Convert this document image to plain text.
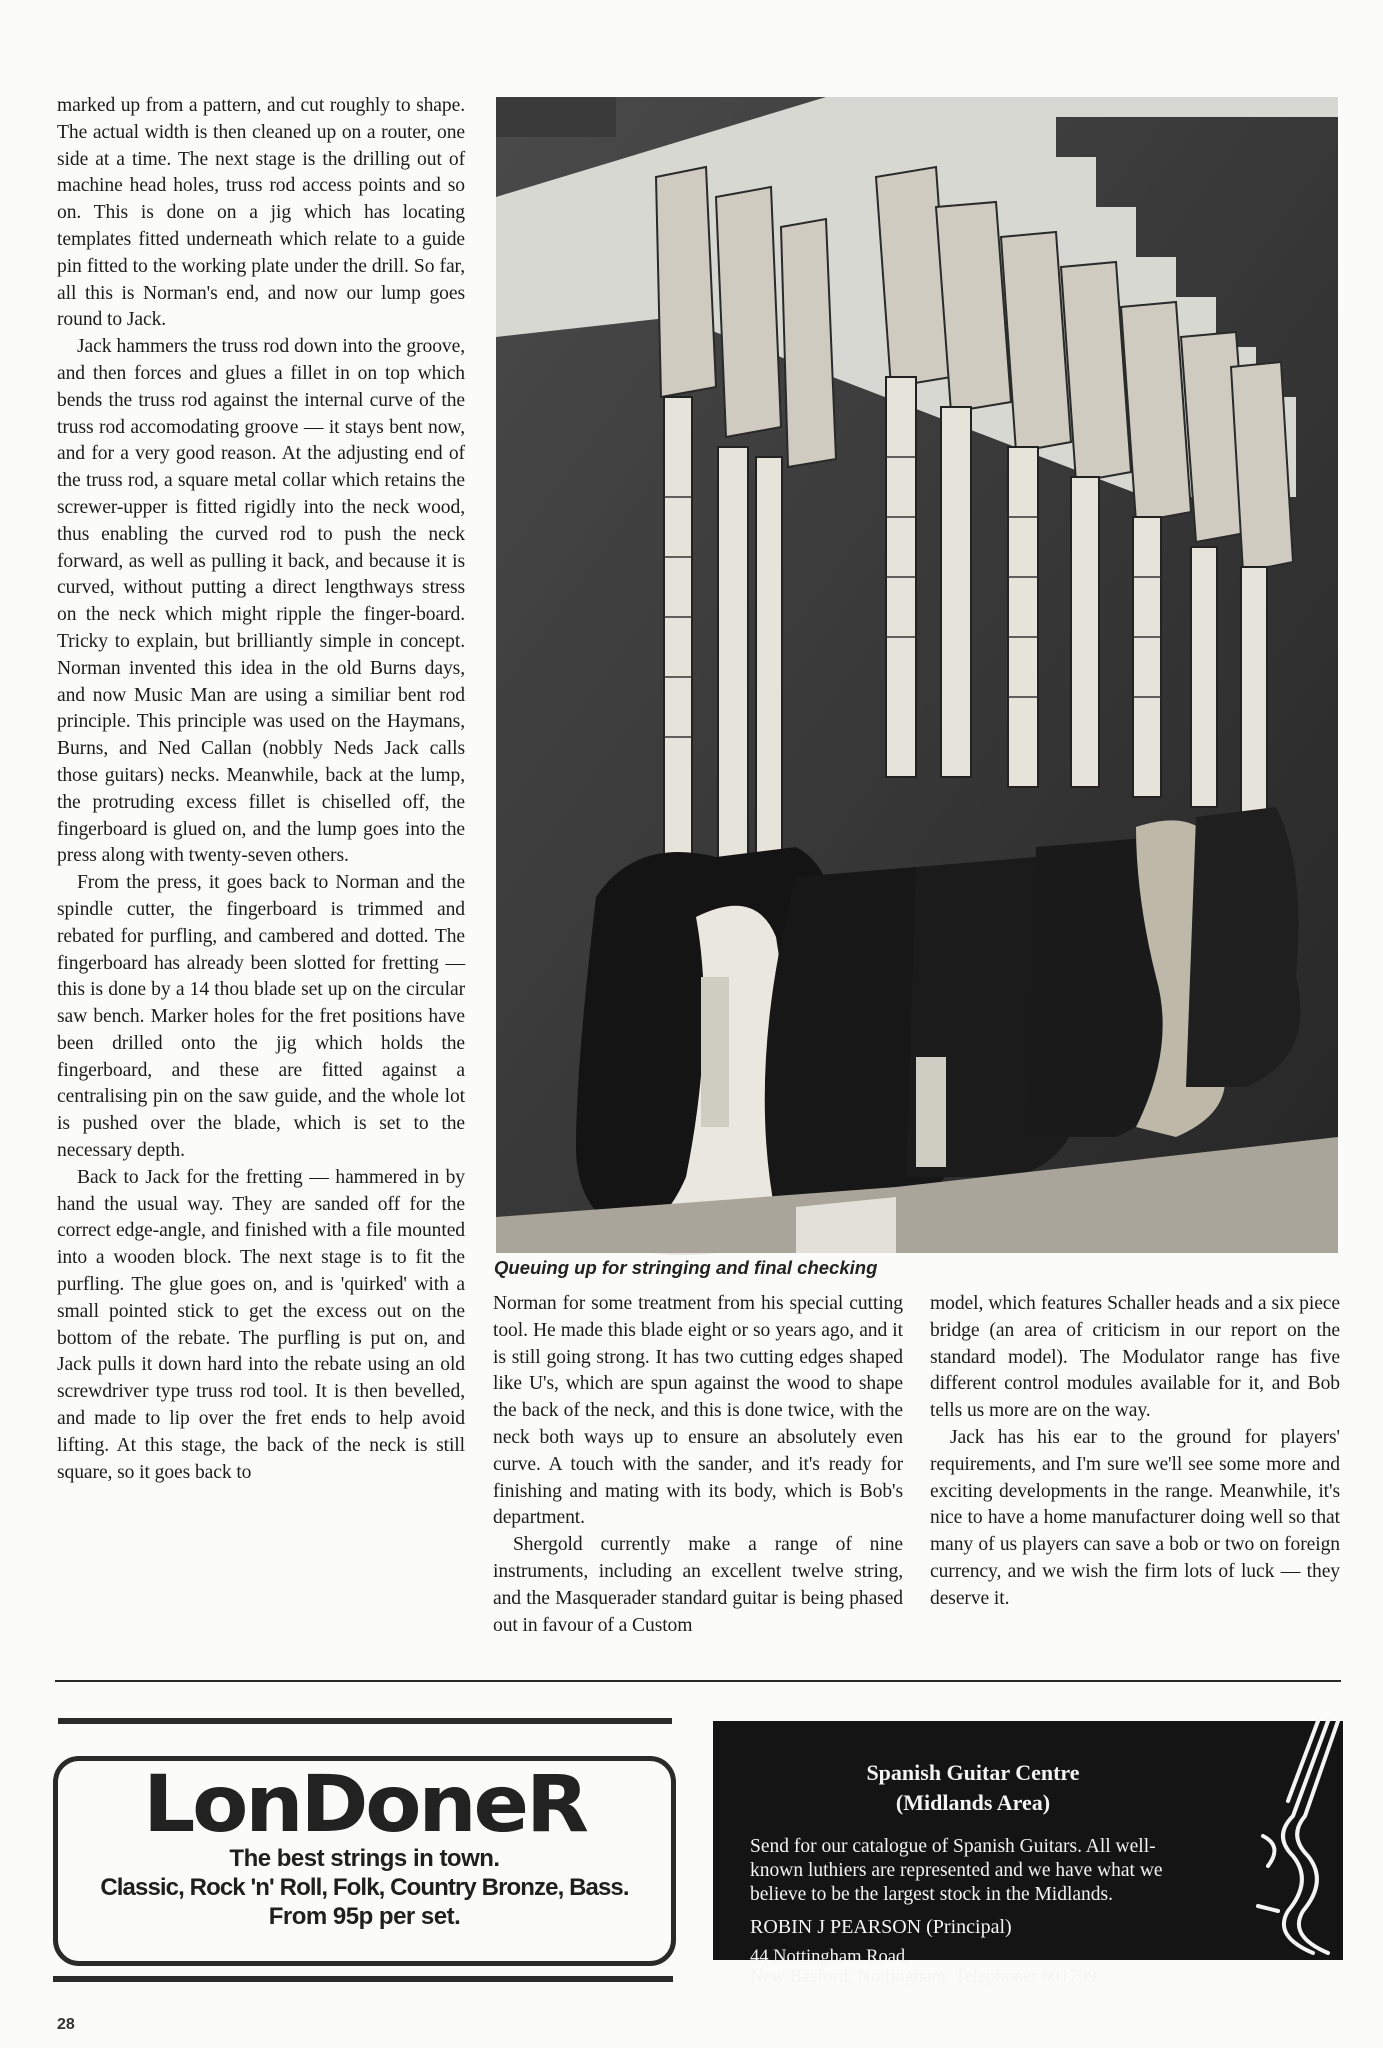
marked up from a pattern, and cut roughly to shape. The actual width is then cleaned up on a router, one side at a time. The next stage is the drilling out of machine head holes, truss rod access points and so on. This is done on a jig which has locating templates fitted underneath which relate to a guide pin fitted to the working plate under the drill. So far, all this is Norman's end, and now our lump goes round to Jack.

Jack hammers the truss rod down into the groove, and then forces and glues a fillet in on top which bends the truss rod against the internal curve of the truss rod accomodating groove — it stays bent now, and for a very good reason. At the adjusting end of the truss rod, a square metal collar which retains the screwer-upper is fitted rigidly into the neck wood, thus enabling the curved rod to push the neck forward, as well as pulling it back, and because it is curved, without putting a direct lengthways stress on the neck which might ripple the finger-board. Tricky to explain, but brilliantly simple in concept. Norman invented this idea in the old Burns days, and now Music Man are using a similiar bent rod principle. This principle was used on the Haymans, Burns, and Ned Callan (nobbly Neds Jack calls those guitars) necks. Meanwhile, back at the lump, the protruding excess fillet is chiselled off, the fingerboard is glued on, and the lump goes into the press along with twenty-seven others.

From the press, it goes back to Norman and the spindle cutter, the fingerboard is trimmed and rebated for purfling, and cambered and dotted. The fingerboard has already been slotted for fretting — this is done by a 14 thou blade set up on the circular saw bench. Marker holes for the fret positions have been drilled onto the jig which holds the fingerboard, and these are fitted against a centralising pin on the saw guide, and the whole lot is pushed over the blade, which is set to the necessary depth.

Back to Jack for the fretting — hammered in by hand the usual way. They are sanded off for the correct edge-angle, and finished with a file mounted into a wooden block. The next stage is to fit the purfling. The glue goes on, and is 'quirked' with a small pointed stick to get the excess out on the bottom of the rebate. The purfling is put on, and Jack pulls it down hard into the rebate using an old screwdriver type truss rod tool. It is then bevelled, and made to lip over the fret ends to help avoid lifting. At this stage, the back of the neck is still square, so it goes back to

Queuing up for stringing and final checking

Norman for some treatment from his special cutting tool. He made this blade eight or so years ago, and it is still going strong. It has two cutting edges shaped like U's, which are spun against the wood to shape the back of the neck, and this is done twice, with the neck both ways up to ensure an absolutely even curve. A touch with the sander, and it's ready for finishing and mating with its body, which is Bob's department.

Shergold currently make a range of nine instruments, including an excellent twelve string, and the Masquerader standard guitar is being phased out in favour of a Custom

model, which features Schaller heads and a six piece bridge (an area of criticism in our report on the standard model). The Modulator range has five different control modules available for it, and Bob tells us more are on the way.

Jack has his ear to the ground for players' requirements, and I'm sure we'll see some more and exciting developments in the range. Meanwhile, it's nice to have a home manufacturer doing well so that many of us players can save a bob or two on foreign currency, and we wish the firm lots of luck — they deserve it.

LonDoneR
The best strings in town.
Classic, Rock 'n' Roll, Folk, Country Bronze, Bass.
From 95p per set.
Spanish Guitar Centre
(Midlands Area)
Send for our catalogue of Spanish Guitars. All well-known luthiers are represented and we have what we believe to be the largest stock in the Midlands.
ROBIN J PEARSON (Principal)
44 Nottingham Road,
New Basford, Nottingham. Telephone: 601709
28
